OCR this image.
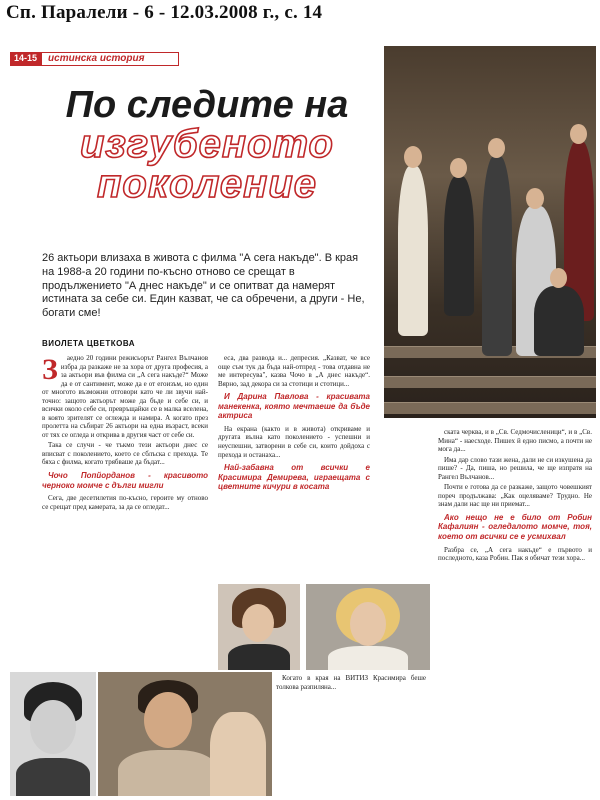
Сп. Паралели - 6 - 12.03.2008 г., с. 14
14-15	истинска история
По следите на
изгубеното
поколение
26 актьори влизаха в живота с филма "А сега накъде". В края на 1988-а 20 години по-късно отново се срещат в продължението "А днес накъде" и се опитват да намерят истината за себе си. Един казват, че са обречени, а други - Не, богати сме!
ВИОЛЕТА ЦВЕТКОВА
З	аедно 20 години режисьорът Рангел Вълчанов избра да разкаже не за хора от друга професия, а за актьори във филма си „А сега накъде?“ Може да е от сантимент, може да е от егоизъм, но един от многото възможни отговори като че ли звучи най-точно: защото актьорът може да бъде и себе си, и всички около себе си, превръщайки се в малка вселена, в която зрителят се оглежда и намира. А когато през пролетта на събират 26 актьори на една възраст, всеки от тях се огледа и открива в другия част от себе си.

Така се случи - че тъкмо тези актьори днес се вписват с поколението, което се сблъска с прехода. Те бяха с филма, когато трябваше да бъдат...

Чочо Попйорданов - красивото черноко момче с дълги мигли

Сега, две десетилетия по-късно, героите му отново се срещат пред камерата, за да се огледат...

еса, два развода и... депресия. „Казват, че все още съм тук да бъда най-отпред - това отдавна не ме интересува", казва Чочо в „А днес накъде“. Вярно, зад декора си за стотици и стотици...

И Дарина Павлова - красивата манекенка, която мечтаеше да бъде актриса

На екрана (както и в живота) откриваме и другата вълна като поколението - успешни и неуспешни, затворени в себе си, които дойдоха с прехода и останаха...

Най-забавна от всички е Красимира Демирева, играещата с цветните кичури в косата

Когато в края на ВИТИЗ Красимира беше толкова разпиляна...

ската черква, и в „Св. Седмочисленици“, и в „Св. Мина“ - наесходе. Пишех й едно писмо, а почти не мога да...

Има дар слово тази жена, дали не си изкушена да пише? - Да, пиша, но решила, че ще изпратя на Рангел Вълчанов...

Почти е готова да се разкаже, защото човешкият пореч продължава: „Как оцеляваме? Трудно. Не знам дали нас ще ни приемат...

Ако нещо не е било от Робин Кафалиян - огледалото момче, тоя, което от всички се е усмихвал

Разбра се, „А сега накъде“ е първото и последното, каза Робин. Пак я обичат тези хора...
